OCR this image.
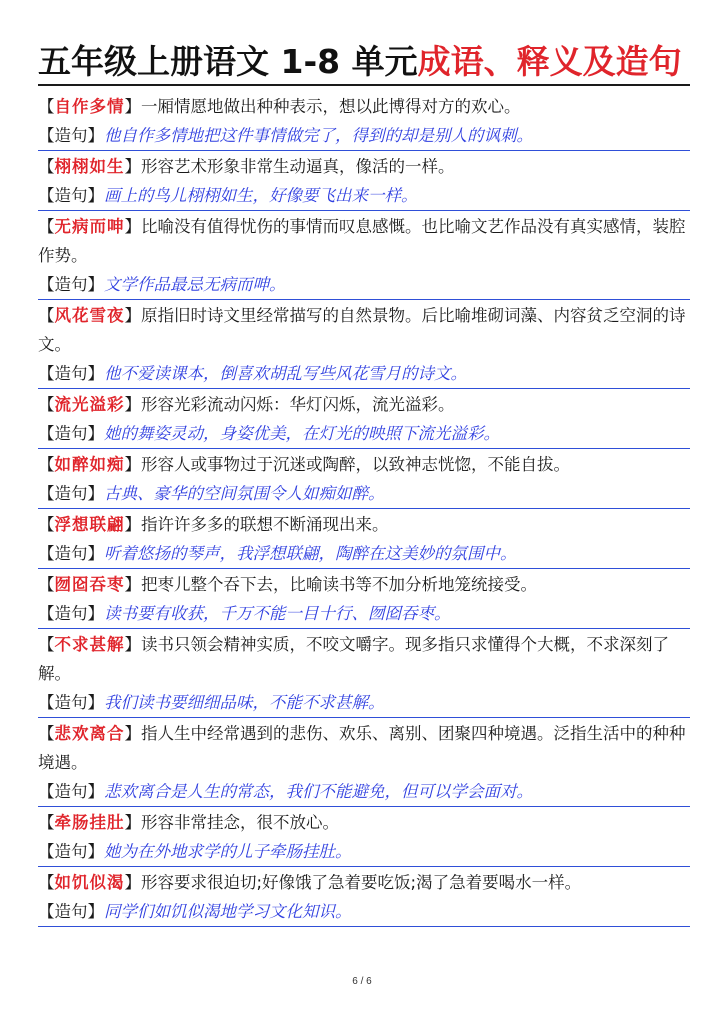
五年级上册语文 1-8 单元成语、释义及造句
【自作多情】一厢情愿地做出种种表示，想以此博得对方的欢心。
【造句】他自作多情地把这件事情做完了，得到的却是别人的讽刺。
【栩栩如生】形容艺术形象非常生动逼真，像活的一样。
【造句】画上的鸟儿栩栩如生，好像要飞出来一样。
【无病而呻】比喻没有值得忧伤的事情而叹息感慨。也比喻文艺作品没有真实感情，装腔作势。
【造句】文学作品最忌无病而呻。
【风花雪夜】原指旧时诗文里经常描写的自然景物。后比喻堆砌词藻、内容贫乏空洞的诗文。
【造句】他不爱读课本，倒喜欢胡乱写些风花雪月的诗文。
【流光溢彩】形容光彩流动闪烁：华灯闪烁，流光溢彩。
【造句】她的舞姿灵动，身姿优美，在灯光的映照下流光溢彩。
【如醉如痴】形容人或事物过于沉迷或陶醉，以致神志恍惚，不能自拔。
【造句】古典、豪华的空间氛围令人如痴如醉。
【浮想联翩】指许许多多的联想不断涌现出来。
【造句】听着悠扬的琴声，我浮想联翩，陶醉在这美妙的氛围中。
【囫囵吞枣】把枣儿整个吞下去，比喻读书等不加分析地笼统接受。
【造句】读书要有收获，千万不能一目十行、囫囵吞枣。
【不求甚解】读书只领会精神实质，不咬文嚼字。现多指只求懂得个大概，不求深刻了解。
【造句】我们读书要细细品味，不能不求甚解。
【悲欢离合】指人生中经常遇到的悲伤、欢乐、离别、团聚四种境遇。泛指生活中的种种境遇。
【造句】悲欢离合是人生的常态，我们不能避免，但可以学会面对。
【牵肠挂肚】形容非常挂念，很不放心。
【造句】她为在外地求学的儿子牵肠挂肚。
【如饥似渴】形容要求很迫切;好像饿了急着要吃饭;渴了急着要喝水一样。
【造句】同学们如饥似渴地学习文化知识。
6 / 6
